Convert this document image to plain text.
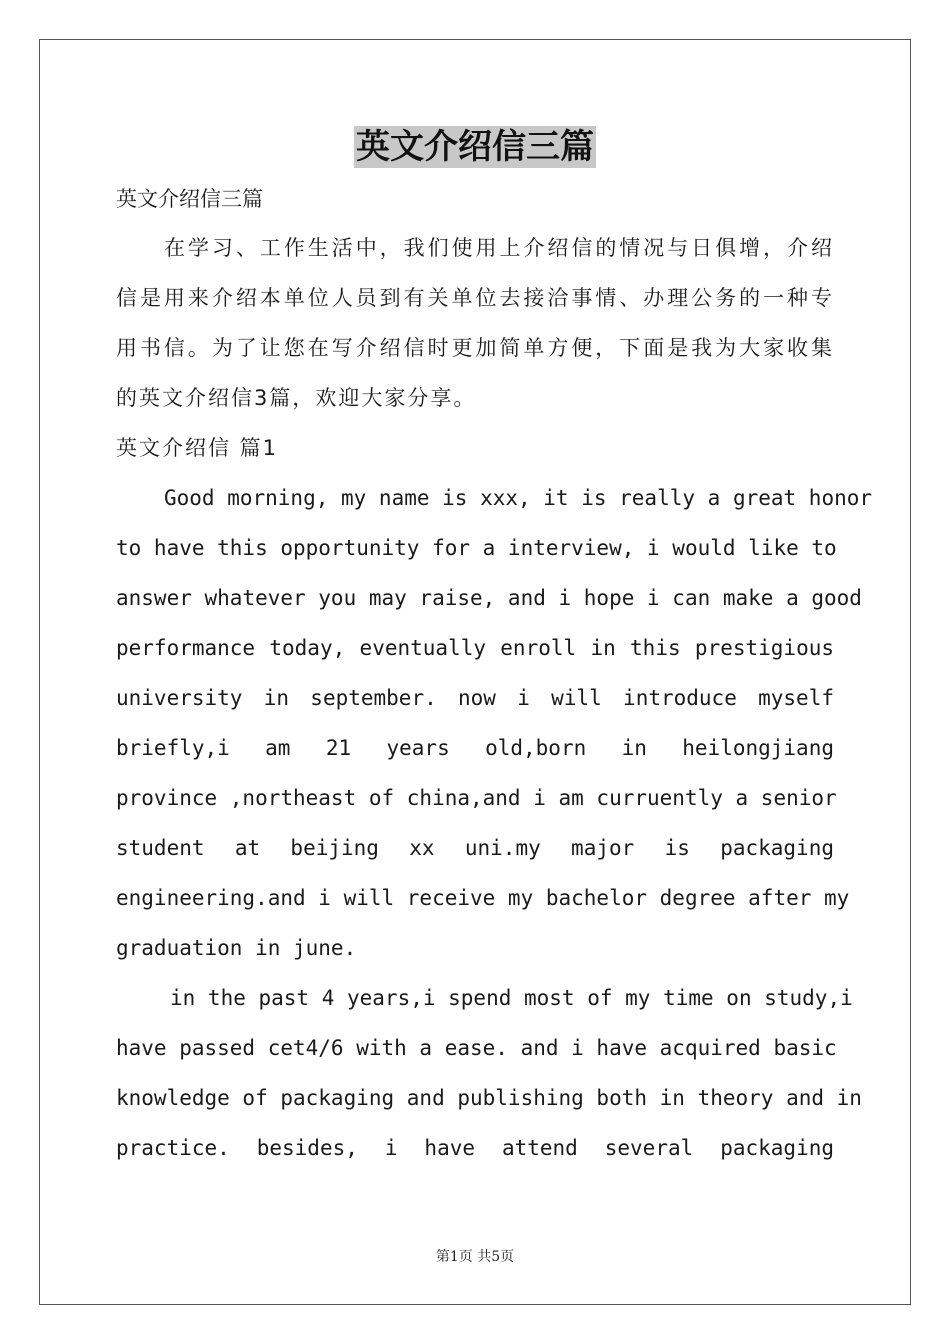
英文介绍信三篇
英文介绍信三篇
在学习、工作生活中，我们使用上介绍信的情况与日俱增，介绍
信是用来介绍本单位人员到有关单位去接洽事情、办理公务的一种专
用书信。为了让您在写介绍信时更加简单方便，下面是我为大家收集
的英文介绍信3篇，欢迎大家分享。
英文介绍信 篇1
Good morning, my name is xxx, it is really a great honor
to have this opportunity for a interview, i would like to
answer whatever you may raise, and i hope i can make a good
performance today, eventually enroll in this prestigious
university in september. now i will introduce myself
briefly,i am 21 years old,born in heilongjiang
province ,northeast of china,and i am curruently a senior
student at beijing xx uni.my major is packaging
engineering.and i will receive my bachelor degree after my
graduation in june.
in the past 4 years,i spend most of my time on study,i
have passed cet4/6 with a ease. and i have acquired basic
knowledge of packaging and publishing both in theory and in
practice. besides, i have attend several packaging
第1页 共5页
